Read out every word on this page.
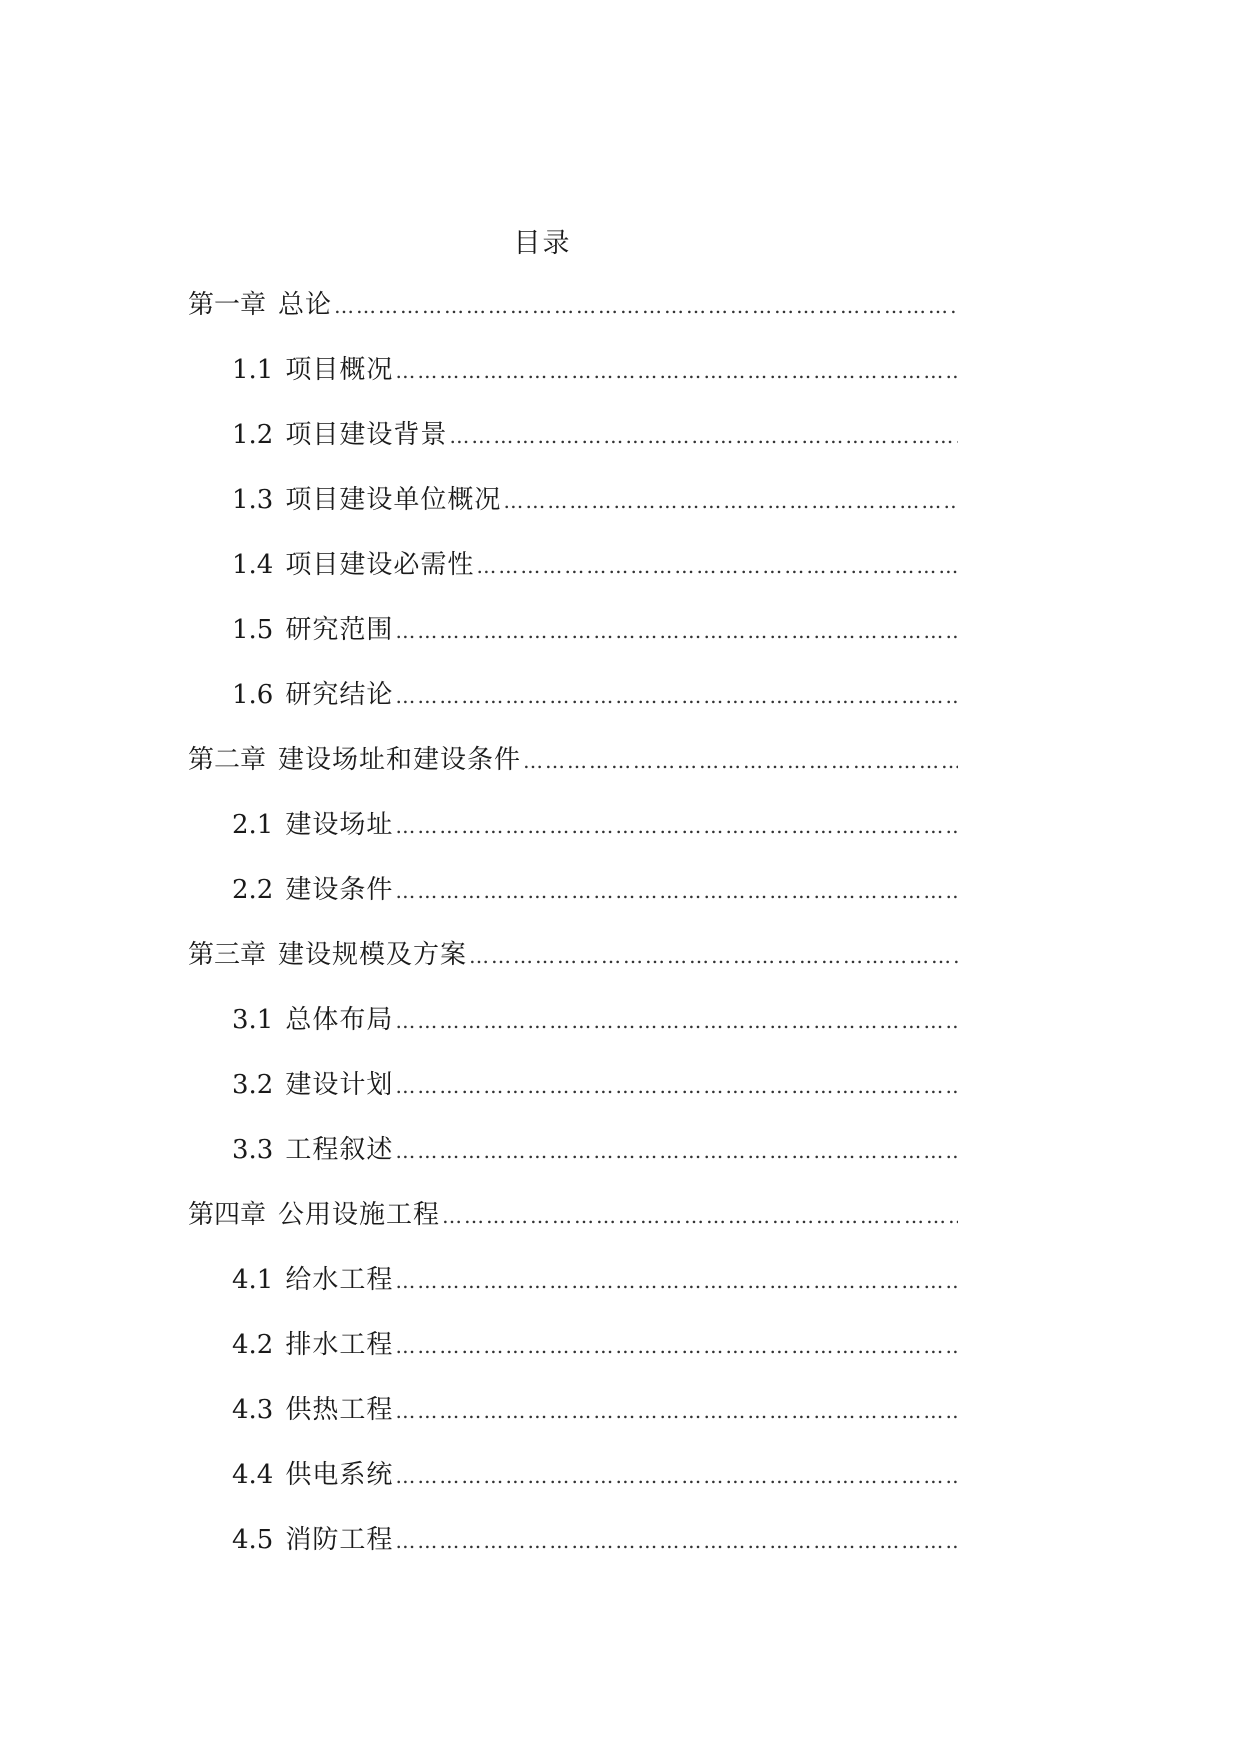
目录
第一章 总论
…………………………………………………………………………………………………………………………………………………
1.1 项目概况
…………………………………………………………………………………………………………………………………………………
1.2 项目建设背景
…………………………………………………………………………………………………………………………………………………
1.3 项目建设单位概况
…………………………………………………………………………………………………………………………………………………
1.4 项目建设必需性
…………………………………………………………………………………………………………………………………………………
1.5 研究范围
…………………………………………………………………………………………………………………………………………………
1.6 研究结论
…………………………………………………………………………………………………………………………………………………
第二章 建设场址和建设条件
…………………………………………………………………………………………………………………………………………………
2.1 建设场址
…………………………………………………………………………………………………………………………………………………
2.2 建设条件
…………………………………………………………………………………………………………………………………………………
第三章 建设规模及方案
…………………………………………………………………………………………………………………………………………………
3.1 总体布局
…………………………………………………………………………………………………………………………………………………
3.2 建设计划
…………………………………………………………………………………………………………………………………………………
3.3 工程叙述
…………………………………………………………………………………………………………………………………………………
第四章 公用设施工程
…………………………………………………………………………………………………………………………………………………
4.1 给水工程
…………………………………………………………………………………………………………………………………………………
4.2 排水工程
…………………………………………………………………………………………………………………………………………………
4.3 供热工程
…………………………………………………………………………………………………………………………………………………
4.4 供电系统
…………………………………………………………………………………………………………………………………………………
4.5 消防工程
…………………………………………………………………………………………………………………………………………………
